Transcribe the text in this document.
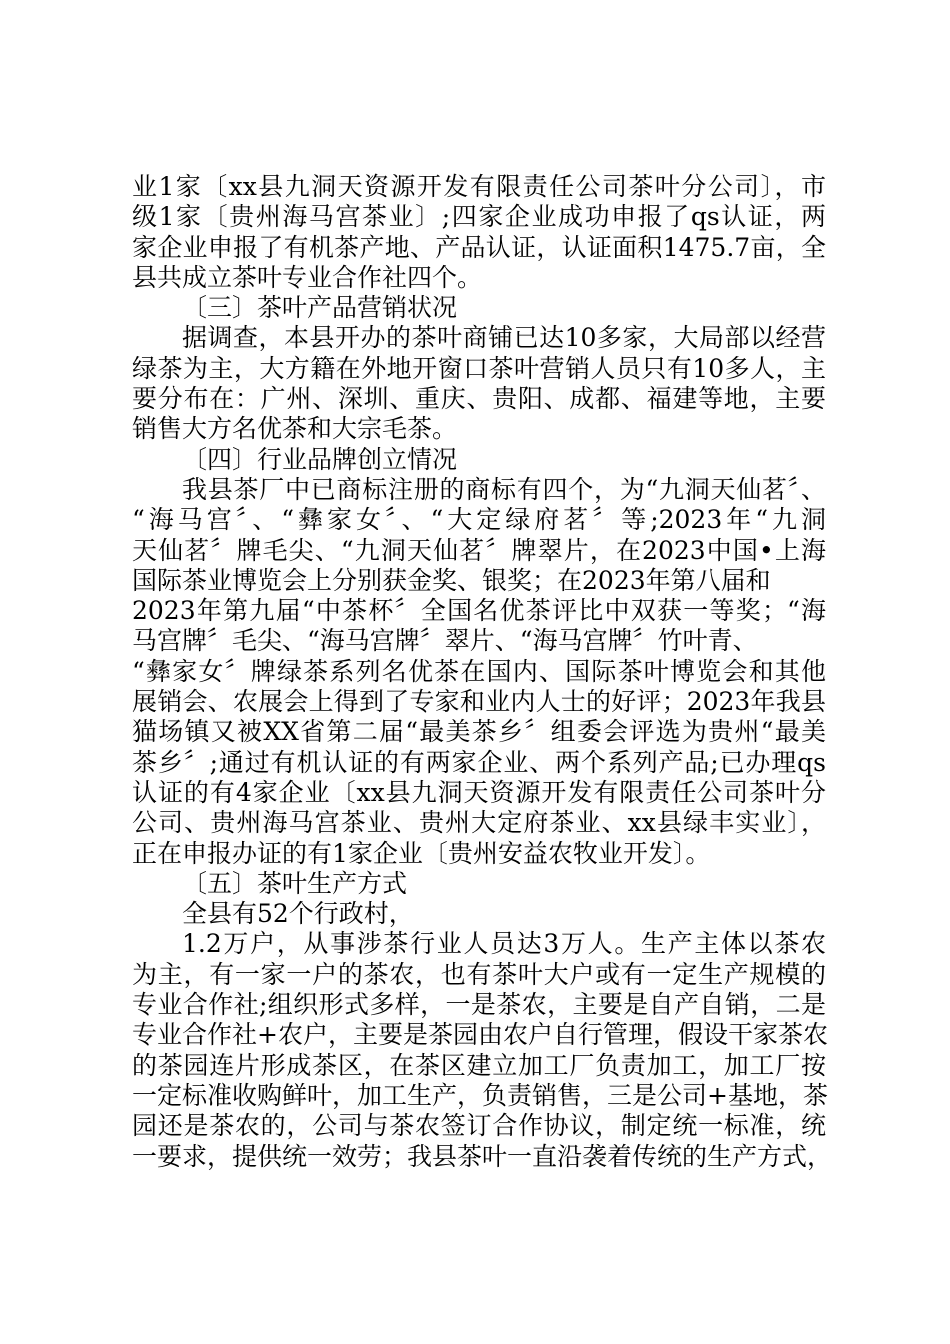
业1家〔xx县九洞天资源开发有限责任公司茶叶分公司〕，市
级1家〔贵州海马宫茶业〕;四家企业成功申报了qs认证，两
家企业申报了有机茶产地、产品认证，认证面积1475.7亩，全
县共成立茶叶专业合作社四个。
〔三〕茶叶产品营销状况
据调查，本县开办的茶叶商铺已达10多家，大局部以经营
绿茶为主，大方籍在外地开窗口茶叶营销人员只有10多人，主
要分布在：广州、深圳、重庆、贵阳、成都、福建等地，主要
销售大方名优茶和大宗毛茶。
〔四〕行业品牌创立情况
我县茶厂中已商标注册的商标有四个，为“九洞天仙茗〞、
“海马宫〞、“彝家女〞、“大定绿府茗〞等;2023年“九洞
天仙茗〞牌毛尖、“九洞天仙茗〞牌翠片，在2023中国•上海
国际茶业博览会上分别获金奖、银奖；在2023年第八届和
2023年第九届“中茶杯〞全国名优茶评比中双获一等奖；“海
马宫牌〞毛尖、“海马宫牌〞翠片、“海马宫牌〞竹叶青、
“彝家女〞牌绿茶系列名优茶在国内、国际茶叶博览会和其他
展销会、农展会上得到了专家和业内人士的好评；2023年我县
猫场镇又被XX省第二届“最美茶乡〞组委会评选为贵州“最美
茶乡〞;通过有机认证的有两家企业、两个系列产品;已办理qs
认证的有4家企业〔xx县九洞天资源开发有限责任公司茶叶分
公司、贵州海马宫茶业、贵州大定府茶业、xx县绿丰实业〕，
正在申报办证的有1家企业〔贵州安益农牧业开发〕。
〔五〕茶叶生产方式
全县有52个行政村，
1.2万户，从事涉茶行业人员达3万人。生产主体以茶农
为主，有一家一户的茶农，也有茶叶大户或有一定生产规模的
专业合作社;组织形式多样，一是茶农，主要是自产自销，二是
专业合作社+农户，主要是茶园由农户自行管理，假设干家茶农
的茶园连片形成茶区，在茶区建立加工厂负责加工，加工厂按
一定标准收购鲜叶，加工生产，负责销售，三是公司+基地，茶
园还是茶农的，公司与茶农签订合作协议，制定统一标准，统
一要求，提供统一效劳；我县茶叶一直沿袭着传统的生产方式，
